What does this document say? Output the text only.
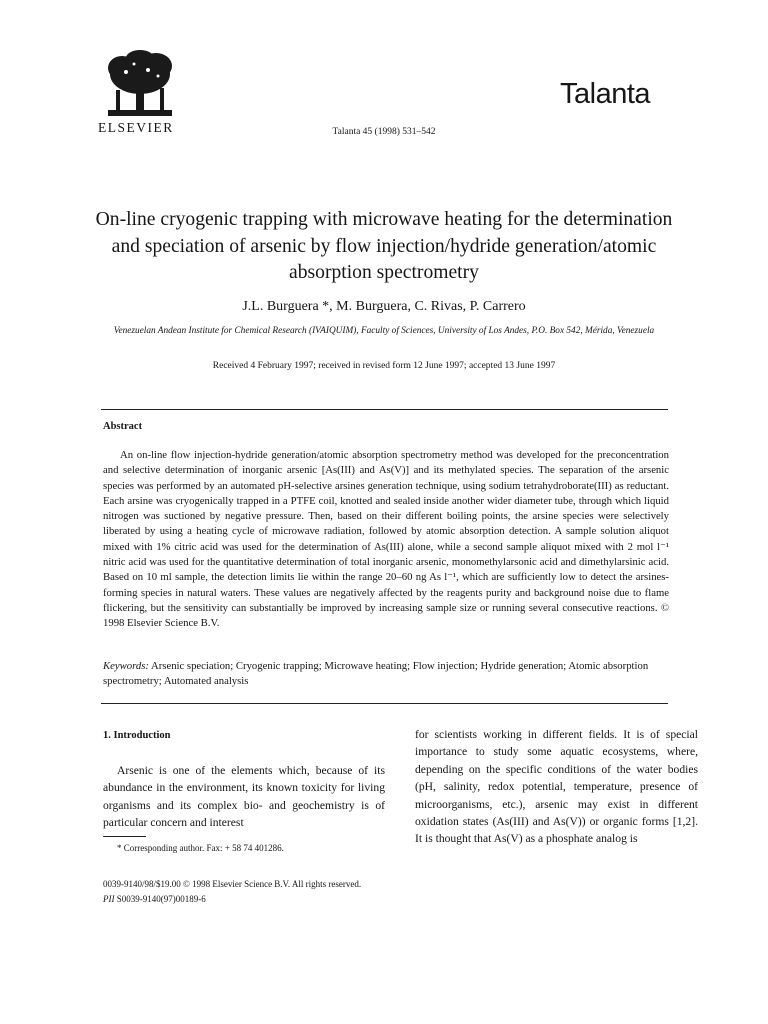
ELSEVIER	Talanta 45 (1998) 531–542
Talanta
On-line cryogenic trapping with microwave heating for the determination and speciation of arsenic by flow injection/hydride generation/atomic absorption spectrometry
J.L. Burguera *, M. Burguera, C. Rivas, P. Carrero
Venezuelan Andean Institute for Chemical Research (IVAIQUIM), Faculty of Sciences, University of Los Andes, P.O. Box 542, Mérida, Venezuela
Received 4 February 1997; received in revised form 12 June 1997; accepted 13 June 1997
Abstract

An on-line flow injection-hydride generation/atomic absorption spectrometry method was developed for the preconcentration and selective determination of inorganic arsenic [As(III) and As(V)] and its methylated species. The separation of the arsenic species was performed by an automated pH-selective arsines generation technique, using sodium tetrahydroborate(III) as reductant. Each arsine was cryogenically trapped in a PTFE coil, knotted and sealed inside another wider diameter tube, through which liquid nitrogen was suctioned by negative pressure. Then, based on their different boiling points, the arsine species were selectively liberated by using a heating cycle of microwave radiation, followed by atomic absorption detection. A sample solution aliquot mixed with 1% citric acid was used for the determination of As(III) alone, while a second sample aliquot mixed with 2 mol l⁻¹ nitric acid was used for the quantitative determination of total inorganic arsenic, monomethylarsonic acid and dimethylarsinic acid. Based on 10 ml sample, the detection limits lie within the range 20–60 ng As l⁻¹, which are sufficiently low to detect the arsines-forming species in natural waters. These values are negatively affected by the reagents purity and background noise due to flame flickering, but the sensitivity can substantially be improved by increasing sample size or running several consecutive reactions. © 1998 Elsevier Science B.V.

Keywords: Arsenic speciation; Cryogenic trapping; Microwave heating; Flow injection; Hydride generation; Atomic absorption spectrometry; Automated analysis

1. Introduction

Arsenic is one of the elements which, because of its abundance in the environment, its known toxicity for living organisms and its complex bio- and geochemistry is of particular concern and interest

for scientists working in different fields. It is of special importance to study some aquatic ecosystems, where, depending on the specific conditions of the water bodies (pH, salinity, redox potential, temperature, presence of microorganisms, etc.), arsenic may exist in different oxidation states (As(III) and As(V)) or organic forms [1,2]. It is thought that As(V) as a phosphate analog is

* Corresponding author. Fax: + 58 74 401286.
0039-9140/98/$19.00 © 1998 Elsevier Science B.V. All rights reserved.
PII S0039-9140(97)00189-6
